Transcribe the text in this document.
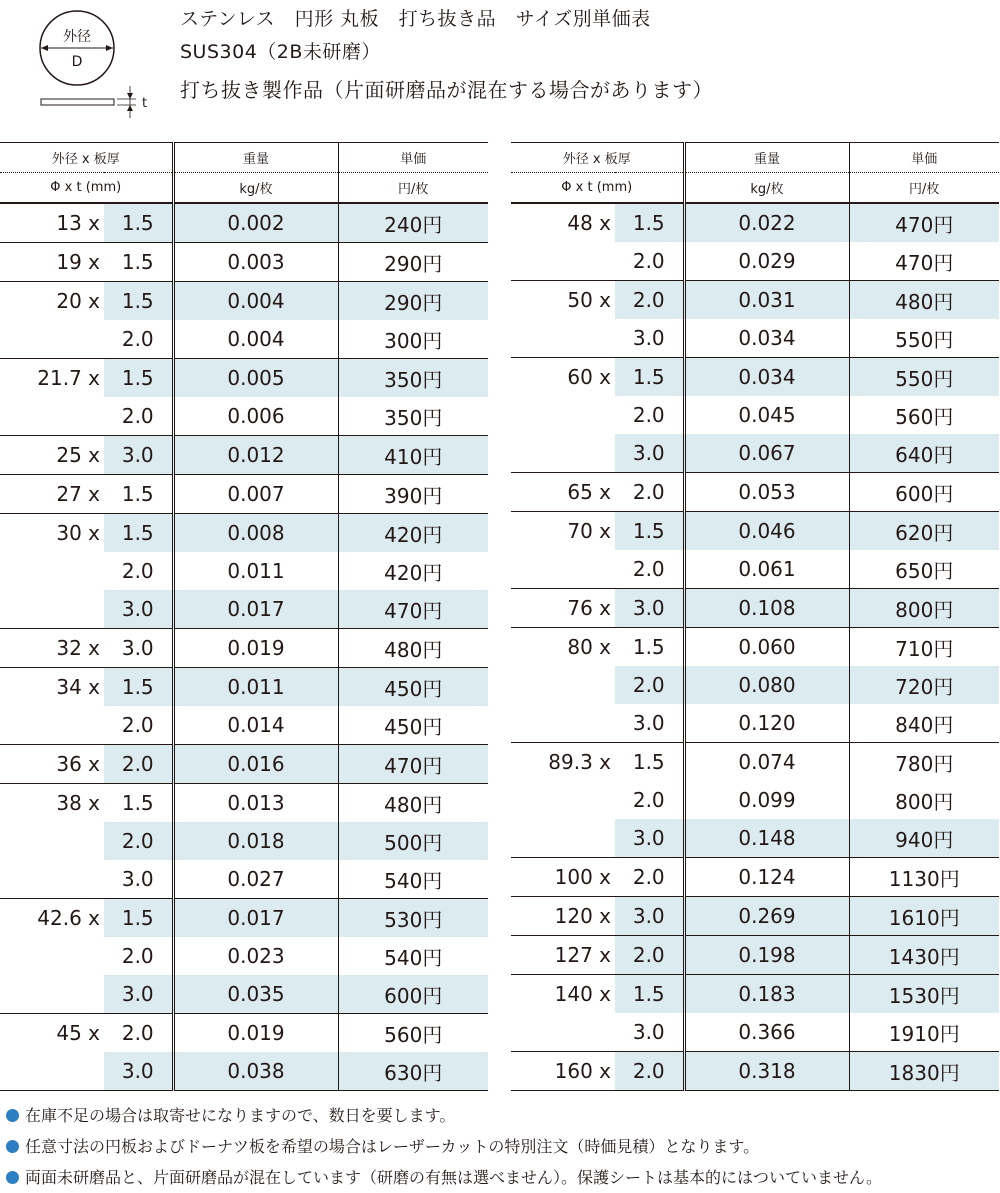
外径
D
t
ステンレス　円形 丸板　打ち抜き品　サイズ別単価表
SUS304（2B未研磨）
打ち抜き製作品（片面研磨品が混在する場合があります）
外径 x 板厚		重量	単価
Φ x t (mm)		kg/枚	円/枚
13 x	1.5	0.002	240円
19 x	1.5	0.003	290円
20 x	1.5	0.004	290円
	2.0	0.004	300円
21.7 x	1.5	0.005	350円
	2.0	0.006	350円
25 x	3.0	0.012	410円
27 x	1.5	0.007	390円
30 x	1.5	0.008	420円
	2.0	0.011	420円
	3.0	0.017	470円
32 x	3.0	0.019	480円
34 x	1.5	0.011	450円
	2.0	0.014	450円
36 x	2.0	0.016	470円
38 x	1.5	0.013	480円
	2.0	0.018	500円
	3.0	0.027	540円
42.6 x	1.5	0.017	530円
	2.0	0.023	540円
	3.0	0.035	600円
45 x	2.0	0.019	560円
	3.0	0.038	630円
外径 x 板厚		重量	単価
Φ x t (mm)		kg/枚	円/枚
48 x	1.5	0.022	470円
	2.0	0.029	470円
50 x	2.0	0.031	480円
	3.0	0.034	550円
60 x	1.5	0.034	550円
	2.0	0.045	560円
	3.0	0.067	640円
65 x	2.0	0.053	600円
70 x	1.5	0.046	620円
	2.0	0.061	650円
76 x	3.0	0.108	800円
80 x	1.5	0.060	710円
	2.0	0.080	720円
	3.0	0.120	840円
89.3 x	1.5	0.074	780円
	2.0	0.099	800円
	3.0	0.148	940円
100 x	2.0	0.124	1130円
120 x	3.0	0.269	1610円
127 x	2.0	0.198	1430円
140 x	1.5	0.183	1530円
	3.0	0.366	1910円
160 x	2.0	0.318	1830円
在庫不足の場合は取寄せになりますので、数日を要します。
任意寸法の円板およびドーナツ板を希望の場合はレーザーカットの特別注文（時価見積）となります。
両面未研磨品と、片面研磨品が混在しています（研磨の有無は選べません）。保護シートは基本的にはついていません。
